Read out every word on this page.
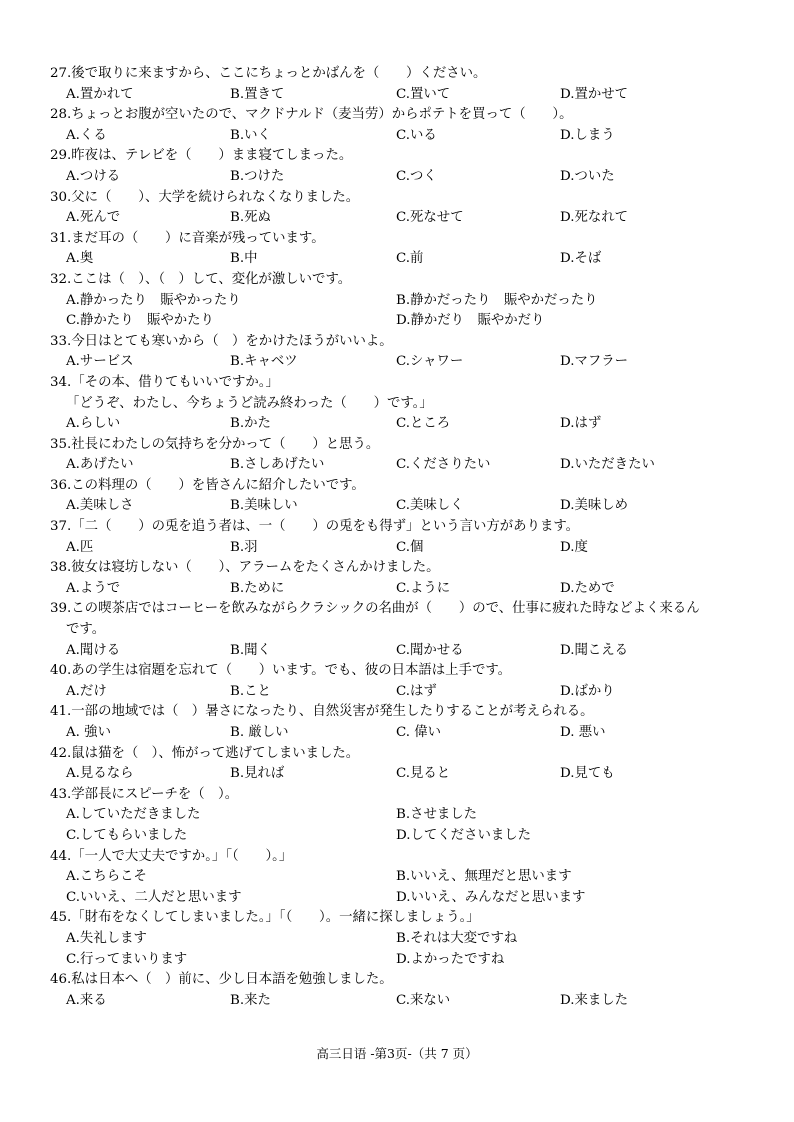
27.後で取りに来ますから、ここにちょっとかばんを（　　）ください。
A.置かれて	B.置きて	C.置いて	D.置かせて
28.ちょっとお腹が空いたので、マクドナルド（麦当劳）からポテトを買って（　　）。
A.くる	B.いく	C.いる	D.しまう
29.昨夜は、テレビを（　　）まま寝てしまった。
A.つける	B.つけた	C.つく	D.ついた
30.父に（　　）、大学を続けられなくなりました。
A.死んで	B.死ぬ	C.死なせて	D.死なれて
31.まだ耳の（　　）に音楽が残っています。
A.奥	B.中	C.前	D.そば
32.ここは（　）、（　）して、変化が激しいです。
A.静かったり　賑やかったり	B.静かだったり　賑やかだったり
C.静かたり　賑やかたり	D.静かだり　賑やかだり
33.今日はとても寒いから（　）をかけたほうがいいよ。
A.サービス	B.キャベツ	C.シャワー	D.マフラー
34.「その本、借りてもいいですか。」
「どうぞ、わたし、今ちょうど読み終わった（　　）です。」
A.らしい	B.かた	C.ところ	D.はず
35.社長にわたしの気持ちを分かって（　　）と思う。
A.あげたい	B.さしあげたい	C.くださりたい	D.いただきたい
36.この料理の（　　）を皆さんに紹介したいです。
A.美味しさ	B.美味しい	C.美味しく	D.美味しめ
37.「二（　　）の兎を追う者は、一（　　）の兎をも得ず」という言い方があります。
A.匹	B.羽	C.個	D.度
38.彼女は寝坊しない（　　）、アラームをたくさんかけました。
A.ようで	B.ために	C.ように	D.ためで
39.この喫茶店ではコーヒーを飲みながらクラシックの名曲が（　　）ので、仕事に疲れた時などよく来るん
です。
A.聞ける	B.聞く	C.聞かせる	D.聞こえる
40.あの学生は宿題を忘れて（　　）います。でも、彼の日本語は上手です。
A.だけ	B.こと	C.はず	D.ばかり
41.一部の地域では（　）暑さになったり、自然災害が発生したりすることが考えられる。
A. 強い	B. 厳しい	C. 偉い	D. 悪い
42.鼠は猫を（　）、怖がって逃げてしまいました。
A.見るなら	B.見れば	C.見ると	D.見ても
43.学部長にスピーチを（　）。
A.していただきました	B.させました
C.してもらいました	D.してくださいました
44.「一人で大丈夫ですか。」「（　　）。」
A.こちらこそ	B.いいえ、無理だと思います
C.いいえ、二人だと思います	D.いいえ、みんなだと思います
45.「財布をなくしてしまいました。」「（　　）。一緒に探しましょう。」
A.失礼します	B.それは大変ですね
C.行ってまいります	D.よかったですね
46.私は日本へ（　）前に、少し日本語を勉強しました。
A.来る	B.来た	C.来ない	D.来ました
高三日语 -第3页-（共 7 页）
